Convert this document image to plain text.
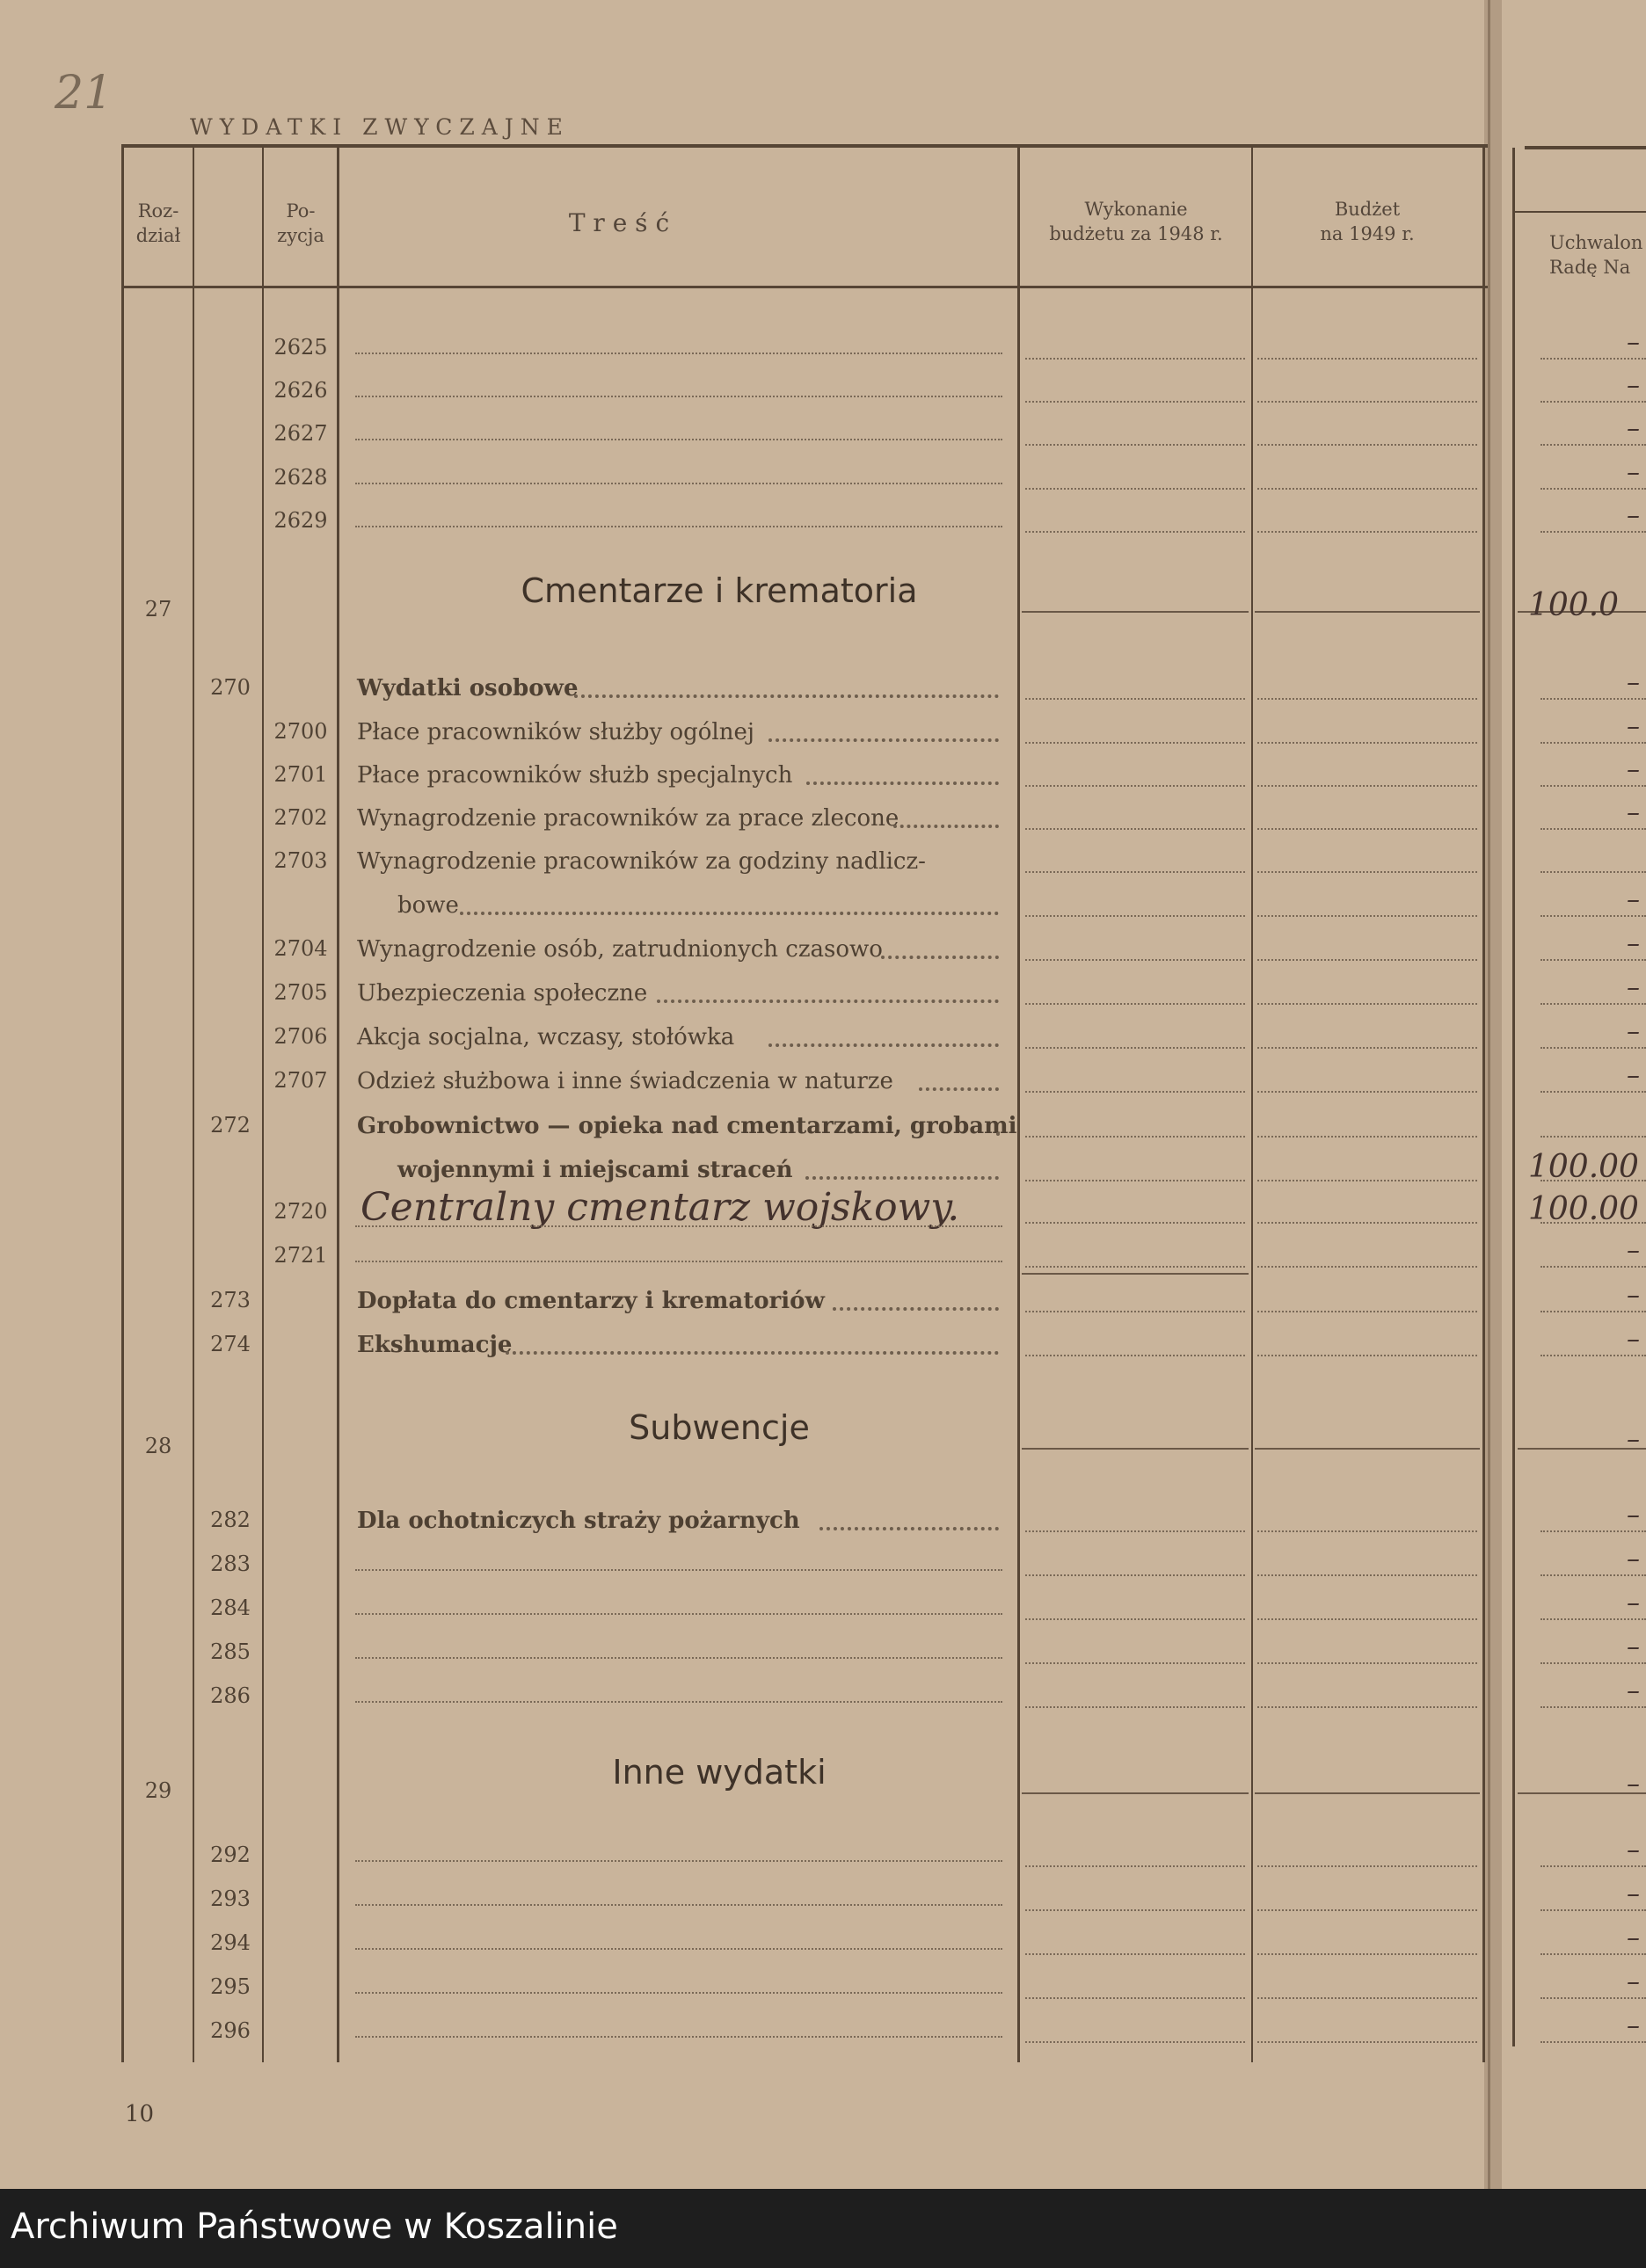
21
WYDATKI ZWYCZAJNE
Roz-
dział
Po-
zycja	T r e ś ć	Wykonanie
budżetu za 1948 r.
Budżet
na 1949 r.	Uchwalon
Radę Na
2625	–
2626	–
2627	–
2628	–
2629	–
27	Cmentarze i krematoria	100.0
270	Wydatki osobowe	–
2700 Płace pracowników służby ogólnej	–
2701 Płace pracowników służb specjalnych	–
2702 Wynagrodzenie pracowników za prace zlecone	–
2703 Wynagrodzenie pracowników za godziny nadlicz-
bowe	–
2704 Wynagrodzenie osób, zatrudnionych czasowo	–
2705 Ubezpieczenia społeczne	–
2706 Akcja socjalna, wczasy, stołówka	–
2707 Odzież służbowa i inne świadczenia w naturze	–
272	Grobownictwo — opieka nad cmentarzami, grobami
wojennymi i miejscami straceń	100.00
2720 Centralny cmentarz wojskowy.	100.00
2721	–
273	Dopłata do cmentarzy i krematoriów	–
274	Ekshumacje	–
28	Subwencje	–
282	Dla ochotniczych straży pożarnych	–
283	–
284	–
285	–
286	–
29	Inne wydatki	–
292	–
293	–
294	–
295	–
296	–
10
Archiwum Państwowe w Koszalinie
